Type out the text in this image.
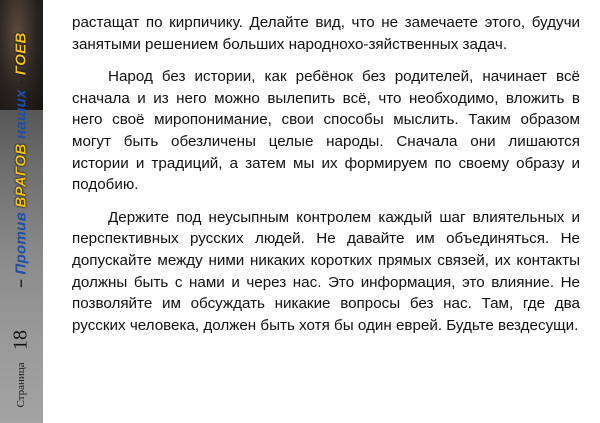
Страница
18
– Против ВРАГОВ наших - ГОЕВ

растащат по кирпичику. Делайте вид, что не замечаете этого, будучи занятыми решением больших народнохо-зяйственных задач.

Народ без истории, как ребёнок без родителей, начинает всё сначала и из него можно вылепить всё, что необходимо, вложить в него своё миропонимание, свои способы мыслить. Таким образом могут быть обезличены целые народы. Сначала они лишаются истории и традиций, а затем мы их формируем по своему образу и подобию.

Держите под неусыпным контролем каждый шаг влиятельных и перспективных русских людей. Не давайте им объединяться. Не допускайте между ними никаких коротких прямых связей, их контакты должны быть с нами и через нас. Это информация, это влияние. Не позволяйте им обсуждать никакие вопросы без нас. Там, где два русских человека, должен быть хотя бы один еврей. Будьте вездесущи.
